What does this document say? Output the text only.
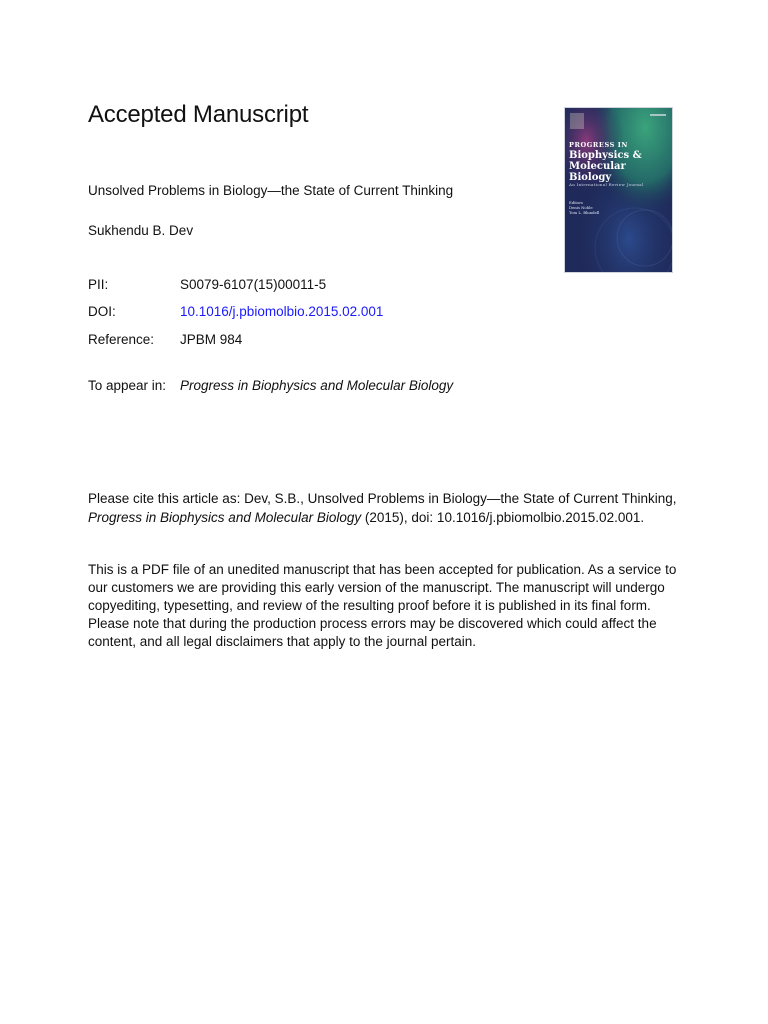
Accepted Manuscript
Unsolved Problems in Biology—the State of Current Thinking
Sukhendu B. Dev
PII:	S0079-6107(15)00011-5
DOI:	10.1016/j.pbiomolbio.2015.02.001
Reference: JPBM 984
To appear in: Progress in Biophysics and Molecular Biology
Please cite this article as: Dev, S.B., Unsolved Problems in Biology—the State of Current Thinking, Progress in Biophysics and Molecular Biology (2015), doi: 10.1016/j.pbiomolbio.2015.02.001.
This is a PDF file of an unedited manuscript that has been accepted for publication. As a service to our customers we are providing this early version of the manuscript. The manuscript will undergo copyediting, typesetting, and review of the resulting proof before it is published in its final form. Please note that during the production process errors may be discovered which could affect the content, and all legal disclaimers that apply to the journal pertain.
PROGRESS IN
Biophysics & Molecular Biology
An International Review Journal
Editors
Denis Noble
Tom L. Blundell
